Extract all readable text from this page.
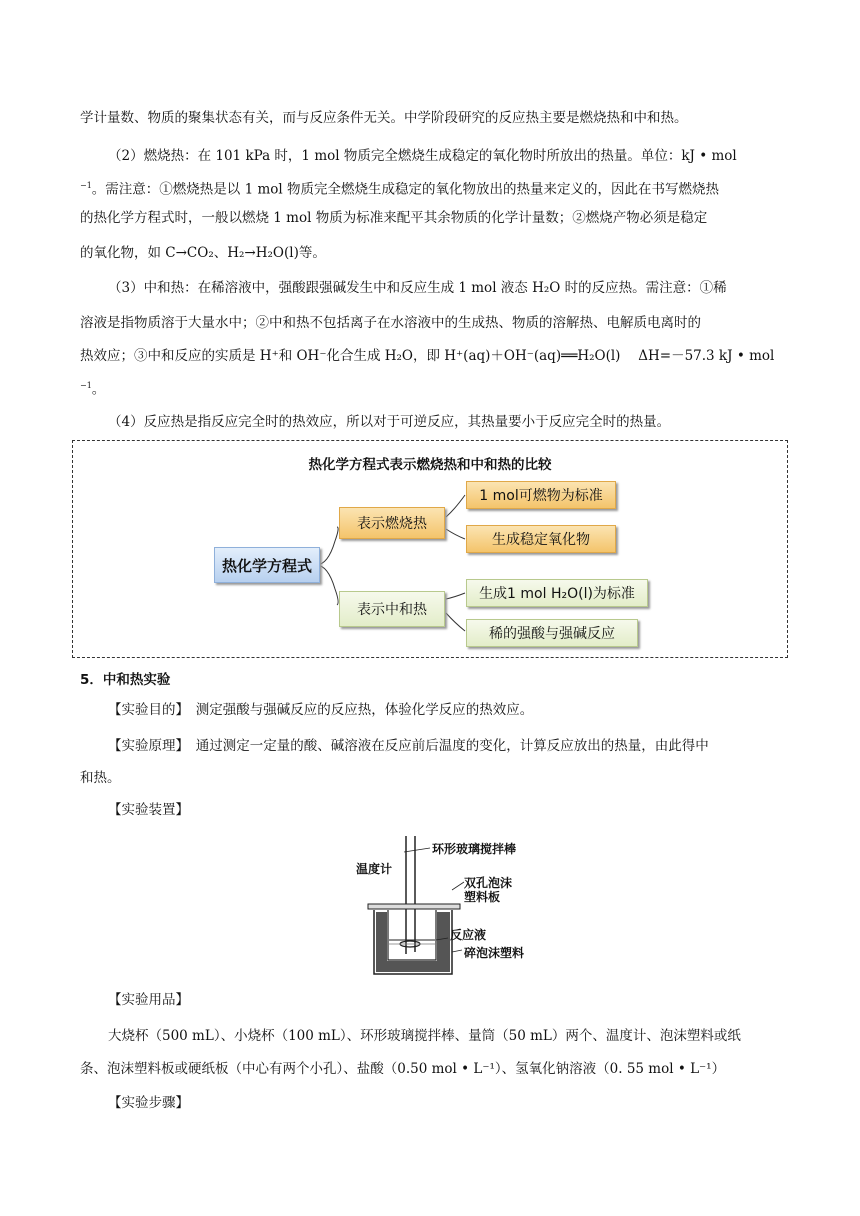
学计量数、物质的聚集状态有关，而与反应条件无关。中学阶段研究的反应热主要是燃烧热和中和热。
（2）燃烧热：在 101 kPa 时，1 mol 物质完全燃烧生成稳定的氧化物时所放出的热量。单位：kJ • mol
$^{-1}$。需注意：①燃烧热是以 1 mol 物质完全燃烧生成稳定的氧化物放出的热量来定义的，因此在书写燃烧热
的热化学方程式时，一般以燃烧 1 mol 物质为标准来配平其余物质的化学计量数；②燃烧产物必须是稳定
的氧化物，如 C→CO₂、H₂→H₂O(l)等。
（3）中和热：在稀溶液中，强酸跟强碱发生中和反应生成 1 mol 液态 H₂O 时的反应热。需注意：①稀
溶液是指物质溶于大量水中；②中和热不包括离子在水溶液中的生成热、物质的溶解热、电解质电离时的
热效应；③中和反应的实质是 H⁺和 OH⁻化合生成 H₂O，即 H⁺(aq)＋OH⁻(aq)══H₂O(l)　 ΔH=－57.3 kJ • mol
$^{-1}$。
（4）反应热是指反应完全时的热效应，所以对于可逆反应，其热量要小于反应完全时的热量。
热化学方程式表示燃烧热和中和热的比较
热化学方程式
表示燃烧热
1 mol可燃物为标准
生成稳定氧化物
表示中和热
生成1 mol H₂O(l)为标准
稀的强酸与强碱反应
5．中和热实验
【实验目的】　测定强酸与强碱反应的反应热，体验化学反应的热效应。
【实验原理】　通过测定一定量的酸、碱溶液在反应前后温度的变化，计算反应放出的热量，由此得中
和热。
【实验装置】
温度计
环形玻璃搅拌棒
双孔泡沫
塑料板
反应液
碎泡沫塑料
【实验用品】
大烧杯（500 mL）、小烧杯（100 mL）、环形玻璃搅拌棒、量筒（50 mL）两个、温度计、泡沫塑料或纸
条、泡沫塑料板或硬纸板（中心有两个小孔）、盐酸（0.50 mol • L⁻¹）、氢氧化钠溶液（0. 55 mol • L⁻¹）
【实验步骤】
